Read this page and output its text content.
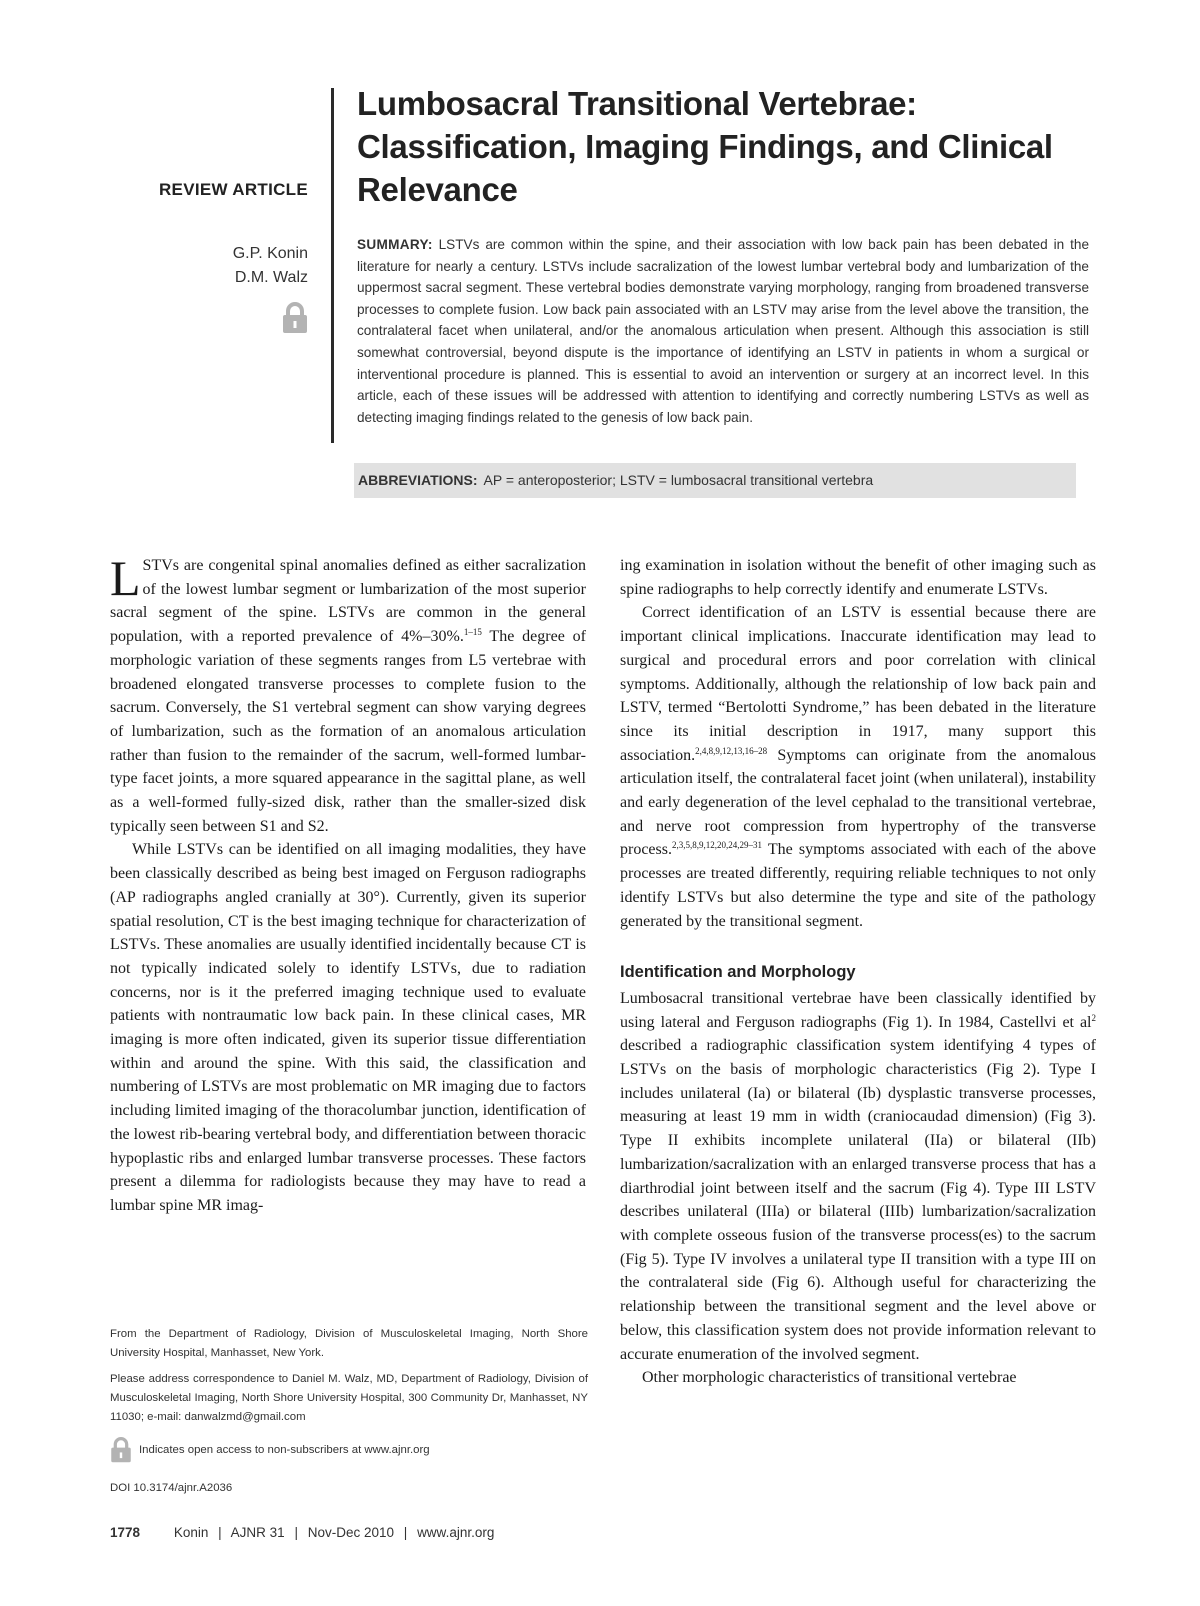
REVIEW ARTICLE
G.P. Konin
D.M. Walz
Lumbosacral Transitional Vertebrae: Classification, Imaging Findings, and Clinical Relevance

SUMMARY: LSTVs are common within the spine, and their association with low back pain has been debated in the literature for nearly a century. LSTVs include sacralization of the lowest lumbar vertebral body and lumbarization of the uppermost sacral segment. These vertebral bodies demonstrate varying morphology, ranging from broadened transverse processes to complete fusion. Low back pain associated with an LSTV may arise from the level above the transition, the contralateral facet when unilateral, and/or the anomalous articulation when present. Although this association is still somewhat controversial, beyond dispute is the importance of identifying an LSTV in patients in whom a surgical or interventional procedure is planned. This is essential to avoid an intervention or surgery at an incorrect level. In this article, each of these issues will be addressed with attention to identifying and correctly numbering LSTVs as well as detecting imaging findings related to the genesis of low back pain.

ABBREVIATIONS: AP = anteroposterior; LSTV = lumbosacral transitional vertebra

L STVs are congenital spinal anomalies defined as either sacralization of the lowest lumbar segment or lumbarization of the most superior sacral segment of the spine. LSTVs are common in the general population, with a reported prevalence of 4%–30%.$^{1-15}$ The degree of morphologic variation of these segments ranges from L5 vertebrae with broadened elongated transverse processes to complete fusion to the sacrum. Conversely, the S1 vertebral segment can show varying degrees of lumbarization, such as the formation of an anomalous articulation rather than fusion to the remainder of the sacrum, well-formed lumbar-type facet joints, a more squared appearance in the sagittal plane, as well as a well-formed fully-sized disk, rather than the smaller-sized disk typically seen between S1 and S2.

While LSTVs can be identified on all imaging modalities, they have been classically described as being best imaged on Ferguson radiographs (AP radiographs angled cranially at 30°). Currently, given its superior spatial resolution, CT is the best imaging technique for characterization of LSTVs. These anomalies are usually identified incidentally because CT is not typically indicated solely to identify LSTVs, due to radiation concerns, nor is it the preferred imaging technique used to evaluate patients with nontraumatic low back pain. In these clinical cases, MR imaging is more often indicated, given its superior tissue differentiation within and around the spine. With this said, the classification and numbering of LSTVs are most problematic on MR imaging due to factors including limited imaging of the thoracolumbar junction, identification of the lowest rib-bearing vertebral body, and differentiation between thoracic hypoplastic ribs and enlarged lumbar transverse processes. These factors present a dilemma for radiologists because they may have to read a lumbar spine MR imag-

ing examination in isolation without the benefit of other imaging such as spine radiographs to help correctly identify and enumerate LSTVs.

Correct identification of an LSTV is essential because there are important clinical implications. Inaccurate identification may lead to surgical and procedural errors and poor correlation with clinical symptoms. Additionally, although the relationship of low back pain and LSTV, termed “Bertolotti Syndrome,” has been debated in the literature since its initial description in 1917, many support this association.$^{2,4,8,9,12,13,16-28}$ Symptoms can originate from the anomalous articulation itself, the contralateral facet joint (when unilateral), instability and early degeneration of the level cephalad to the transitional vertebrae, and nerve root compression from hypertrophy of the transverse process.$^{2,3,5,8,9,12,20,24,29-31}$ The symptoms associated with each of the above processes are treated differently, requiring reliable techniques to not only identify LSTVs but also determine the type and site of the pathology generated by the transitional segment.

Identification and Morphology

Lumbosacral transitional vertebrae have been classically identified by using lateral and Ferguson radiographs (Fig 1). In 1984, Castellvi et $al^2$ described a radiographic classification system identifying 4 types of LSTVs on the basis of morphologic characteristics (Fig 2). Type I includes unilateral (Ia) or bilateral (Ib) dysplastic transverse processes, measuring at least 19 mm in width (craniocaudad dimension) (Fig 3). Type II exhibits incomplete unilateral (IIa) or bilateral (IIb) lumbarization/sacralization with an enlarged transverse process that has a diarthrodial joint between itself and the sacrum (Fig 4). Type III LSTV describes unilateral (IIIa) or bilateral (IIIb) lumbarization/sacralization with complete osseous fusion of the transverse process(es) to the sacrum (Fig 5). Type IV involves a unilateral type II transition with a type III on the contralateral side (Fig 6). Although useful for characterizing the relationship between the transitional segment and the level above or below, this classification system does not provide information relevant to accurate enumeration of the involved segment.

Other morphologic characteristics of transitional vertebrae

From the Department of Radiology, Division of Musculoskeletal Imaging, North Shore University Hospital, Manhasset, New York.

Please address correspondence to Daniel M. Walz, MD, Department of Radiology, Division of Musculoskeletal Imaging, North Shore University Hospital, 300 Community Dr, Manhasset, NY 11030; e-mail: danwalzmd@gmail.com

Indicates open access to non-subscribers at www.ajnr.org

DOI 10.3174/ajnr.A2036

1778	Konin | AJNR 31 | Nov-Dec 2010 | www.ajnr.org
